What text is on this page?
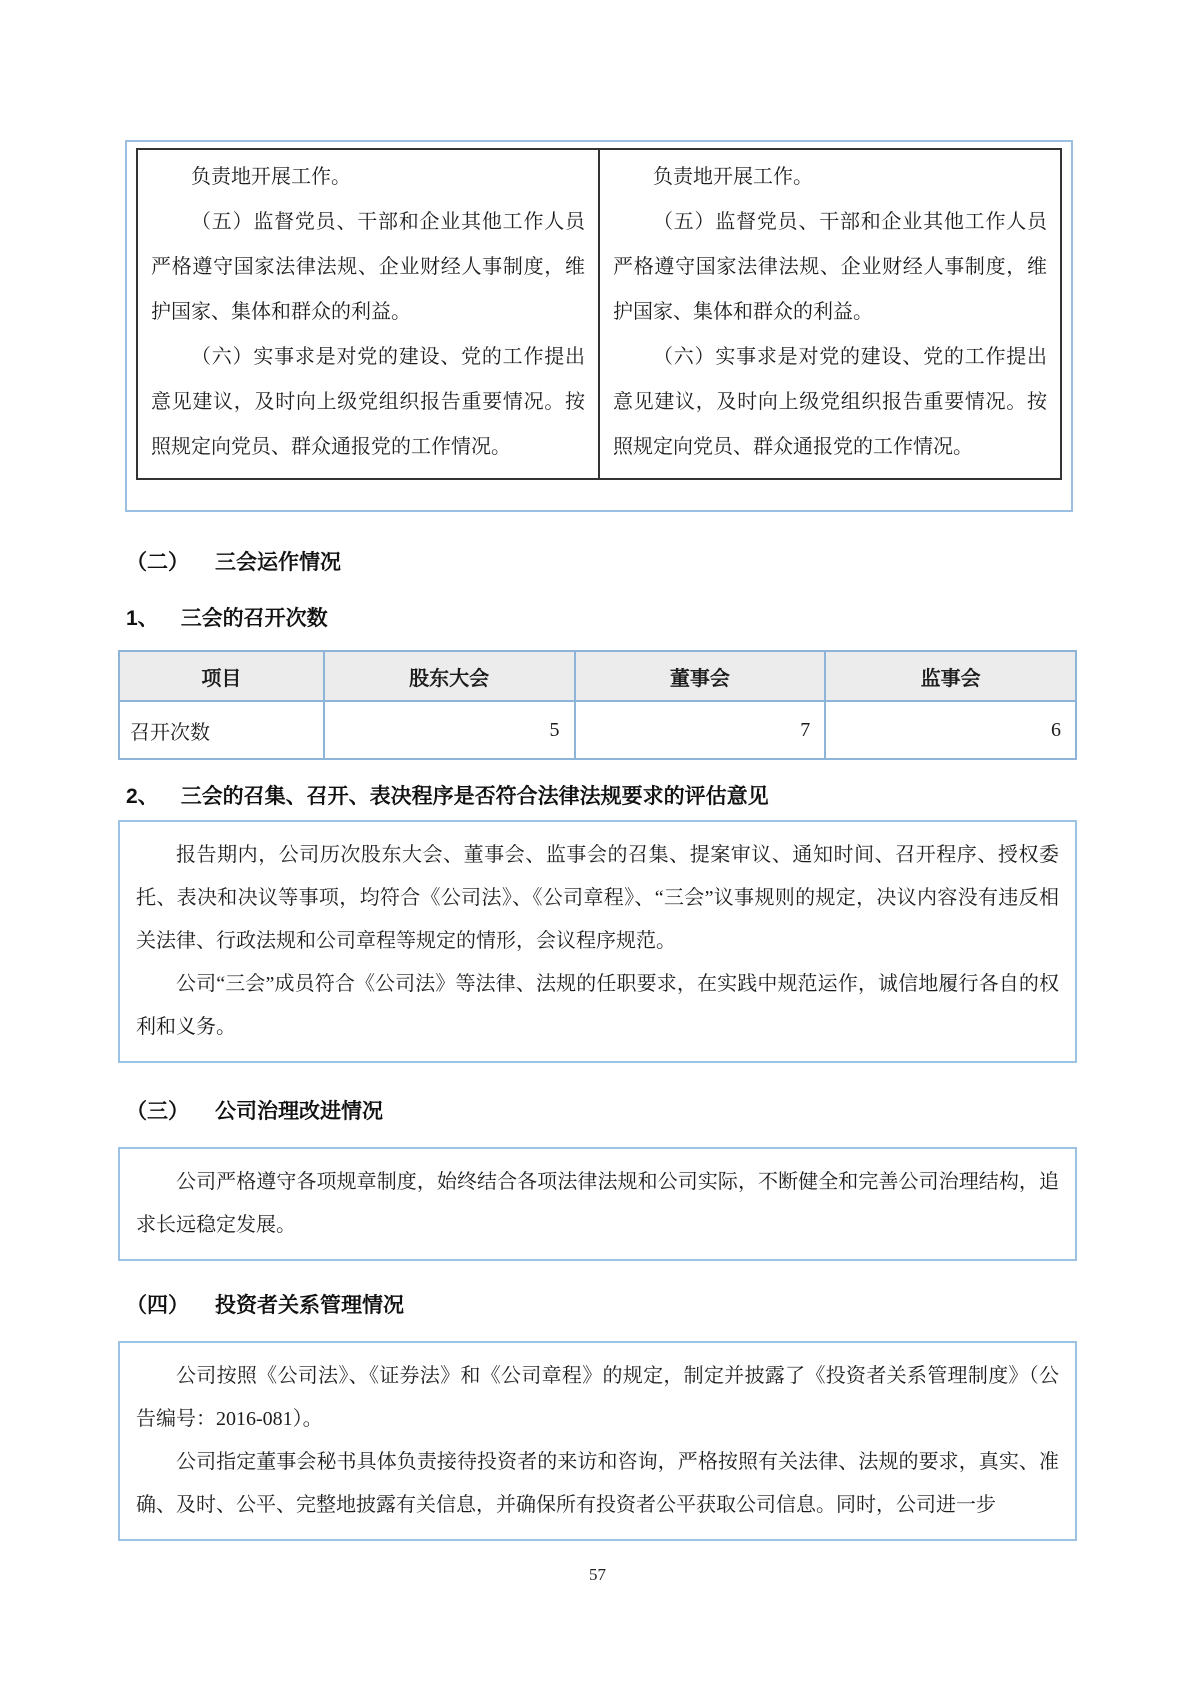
负责地开展工作。

（五）监督党员、干部和企业其他工作人员严格遵守国家法律法规、企业财经人事制度，维护国家、集体和群众的利益。

（六）实事求是对党的建设、党的工作提出意见建议，及时向上级党组织报告重要情况。按照规定向党员、群众通报党的工作情况。

负责地开展工作。

（五）监督党员、干部和企业其他工作人员严格遵守国家法律法规、企业财经人事制度，维护国家、集体和群众的利益。

（六）实事求是对党的建设、党的工作提出意见建议，及时向上级党组织报告重要情况。按照规定向党员、群众通报党的工作情况。

（二） 三会运作情况
1、 三会的召开次数
项目	股东大会	董事会	监事会
召开次数	5	7	6
2、 三会的召集、召开、表决程序是否符合法律法规要求的评估意见

报告期内，公司历次股东大会、董事会、监事会的召集、提案审议、通知时间、召开程序、授权委托、表决和决议等事项，均符合《公司法》、《公司章程》、“三会”议事规则的规定，决议内容没有违反相关法律、行政法规和公司章程等规定的情形，会议程序规范。

公司“三会”成员符合《公司法》等法律、法规的任职要求，在实践中规范运作，诚信地履行各自的权利和义务。

（三） 公司治理改进情况

公司严格遵守各项规章制度，始终结合各项法律法规和公司实际，不断健全和完善公司治理结构，追求长远稳定发展。

（四） 投资者关系管理情况

公司按照《公司法》、《证券法》和《公司章程》的规定，制定并披露了《投资者关系管理制度》（公告编号：2016-081）。

公司指定董事会秘书具体负责接待投资者的来访和咨询，严格按照有关法律、法规的要求，真实、准确、及时、公平、完整地披露有关信息，并确保所有投资者公平获取公司信息。同时，公司进一步

57
